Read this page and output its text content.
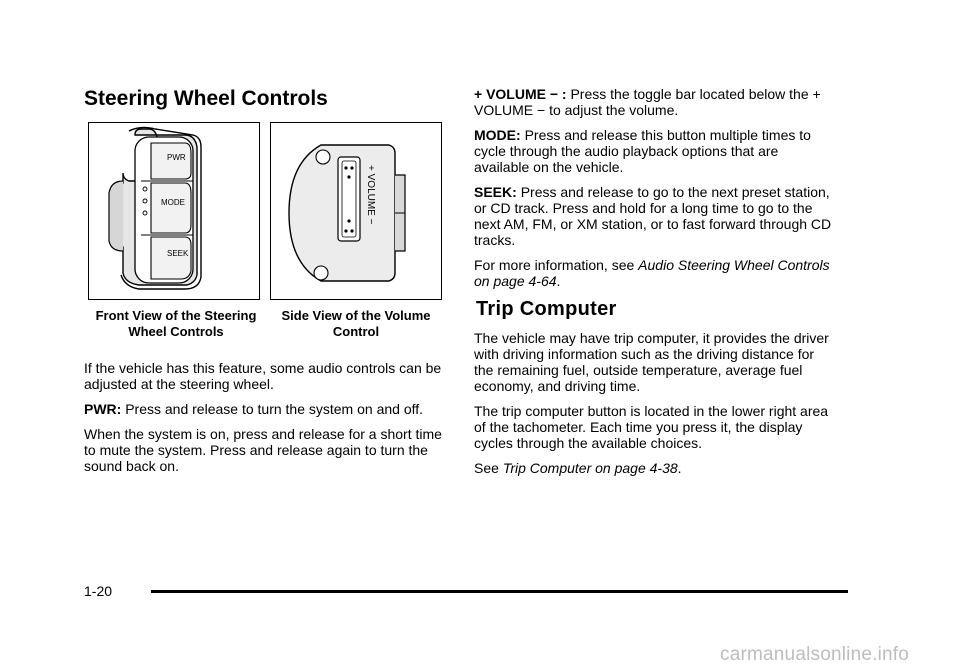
Steering Wheel Controls
PWR
MODE
SEEK
+ VOLUME −
Front View of the Steering Wheel Controls
Side View of the Volume Control

If the vehicle has this feature, some audio controls can be adjusted at the steering wheel.

PWR: Press and release to turn the system on and off.

When the system is on, press and release for a short time to mute the system. Press and release again to turn the sound back on.

+ VOLUME − : Press the toggle bar located below the + VOLUME − to adjust the volume.

MODE: Press and release this button multiple times to cycle through the audio playback options that are available on the vehicle.

SEEK: Press and release to go to the next preset station, or CD track. Press and hold for a long time to go to the next AM, FM, or XM station, or to fast forward through CD tracks.

For more information, see Audio Steering Wheel Controls on page 4-64.

Trip Computer

The vehicle may have trip computer, it provides the driver with driving information such as the driving distance for the remaining fuel, outside temperature, average fuel economy, and driving time.

The trip computer button is located in the lower right area of the tachometer. Each time you press it, the display cycles through the available choices.

See Trip Computer on page 4-38.

1-20
carmanualsonline.info
